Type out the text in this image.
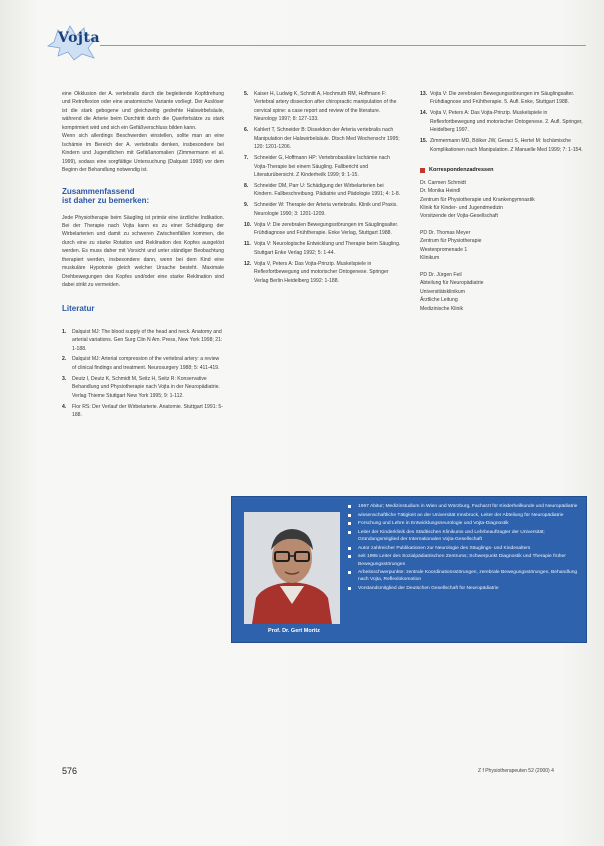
Vojta

eine Okklusion der A. vertebralis durch die begleitende Kopfdrehung und Retroflexion oder eine anatomische Variante vorliegt. Der Auslöser ist die stark gebogene und gleichzeitig gedrehte Halswirbelsäule, während die Arterie beim Durchtritt durch die Querfortsätze zu stark komprimiert wird und sich ein Gefäßverschluss bilden kann.

Wenn sich allerdings Beschwerden einstellen, sollte man an eine Ischämie im Bereich der A. vertebralis denken, insbesondere bei Kindern und Jugendlichen mit Gefäßanomalien (Zimmermann et al. 1999), sodass eine sorgfältige Untersuchung (Dalquist 1998) vor dem Beginn der Behandlung notwendig ist.

Zusammenfassend
ist daher zu bemerken:

Jede Physiotherapie beim Säugling ist primär eine ärztliche Indikation. Bei der Therapie nach Vojta kann es zu einer Schädigung der Wirbelarterien und damit zu schweren Zwischenfällen kommen, die durch eine zu starke Rotation und Reklination des Kopfes ausgelöst werden. Es muss daher mit Vorsicht und unter ständiger Beobachtung therapiert werden, insbesondere dann, wenn bei dem Kind eine muskuläre Hypotonie gleich welcher Ursache besteht. Maximale Drehbewegungen des Kopfes und/oder eine starke Reklination sind dabei strikt zu vermeiden.

Literatur
1. Dalquist MJ: The blood supply of the head and neck. Anatomy and arterial variations. Gen Surg Clin N Am. Press, New York 1998; 21: 1-188.
2. Dalquist MJ: Arterial compression of the vertebral artery: a review of clinical findings and treatment. Neurosurgery 1988; 5: 411-419.
3. Deutz I, Deutz K, Schmidt M, Seitz H, Seitz R: Konservative Behandlung und Physiotherapie nach Vojta in der Neuropädiatrie. Verlag Thieme Stuttgart New York 1995; 9: 1-112.
4. Flor RS: Der Verlauf der Wirbelarterie. Anatomie. Stuttgart 1991: 5-188.
5. Kaiser H, Ludwig K, Schnitt A, Hochmuth RM, Hoffmann F: Vertebral artery dissection after chiropractic manipulation of the cervical spine: a case report and review of the literature. Neurology 1997; 8: 127-133.
6. Kahlert T, Schneider B: Dissektion der Arteria vertebralis nach Manipulation der Halswirbelsäule. Dtsch Med Wochenschr 1995; 120: 1201-1206.
7. Schneider G, Hoffmann HP: Vertebrobasiläre Ischämie nach Vojta-Therapie bei einem Säugling. Fallbericht und Literaturübersicht. Z Kinderheilk 1999; 9: 1-15.
8. Schneider DM, Parr U: Schädigung der Wirbelarterien bei Kindern. Fallbeschreibung. Pädiatrie und Pädologie 1991; 4: 1-8.
9. Schneider W: Therapie der Arteria vertebralis. Klinik und Praxis. Neurologie 1990; 3: 1201-1209.
10. Vojta V: Die zerebralen Bewegungsstörungen im Säuglingsalter. Frühdiagnose und Frühtherapie. Enke Verlag, Stuttgart 1988.
11. Vojta V: Neurologische Entwicklung und Therapie beim Säugling. Stuttgart Enke Verlag 1992; 5: 1-44.
12. Vojta V, Peters A: Das Vojta-Prinzip. Muskelspiele in Reflexfortbewegung und motorischer Ontogenese. Springer Verlag Berlin Heidelberg 1992: 1-188.
13. Vojta V: Die zerebralen Bewegungsstörungen im Säuglingsalter. Frühdiagnose und Frühtherapie. 5. Aufl. Enke, Stuttgart 1988.
14. Vojta V, Peters A: Das Vojta-Prinzip. Muskelspiele in Reflexfortbewegung und motorischer Ontogenese. 2. Aufl. Springer, Heidelberg 1997.
15. Zimmermann MD, Bölker JW, Geraci S, Hertel M: Ischämische Komplikationen nach Manipulation. Z Manuelle Med 1999; 7: 1-154.
Korrespondenzadressen
Dr. Carmen Schmidt
Dr. Monika Heindl
Zentrum für Physiotherapie und Krankengymnastik
Klinik für Kinder- und Jugendmedizin
Vorsitzende der Vojta-Gesellschaft
PD Dr. Thomas Meyer
Zentrum für Physiotherapie
Westenpromenade 1
Klinikum
PD Dr. Jürgen Feil
Abteilung für Neuropädiatrie
Universitätsklinikum
Ärztliche Leitung
Medizinische Klinik
Prof. Dr. Gert Moritz
1967 Abitur; Medizinstudium in Wien und Würzburg, Facharzt für Kinderheilkunde und Neuropädiatrie
wissenschaftliche Tätigkeit an der Universität Innsbruck, Leiter der Abteilung für Neuropädiatrie
Forschung und Lehre in Entwicklungsneurologie und Vojta-Diagnostik
Leiter der Kinderklinik des Städtischen Klinikums und Lehrbeauftragter der Universität; Gründungsmitglied der Internationalen Vojta-Gesellschaft
Autor zahlreicher Publikationen zur Neurologie des Säuglings- und Kindesalters
seit 1995 Leiter des Sozialpädiatrischen Zentrums; Schwerpunkt Diagnostik und Therapie früher Bewegungsstörungen
Arbeitsschwerpunkte: zentrale Koordinationsstörungen, zerebrale Bewegungsstörungen, Behandlung nach Vojta, Reflexlokomotion
Vorstandsmitglied der Deutschen Gesellschaft für Neuropädiatrie
576	Z f Physiotherapeuten 52 (2000) 4
